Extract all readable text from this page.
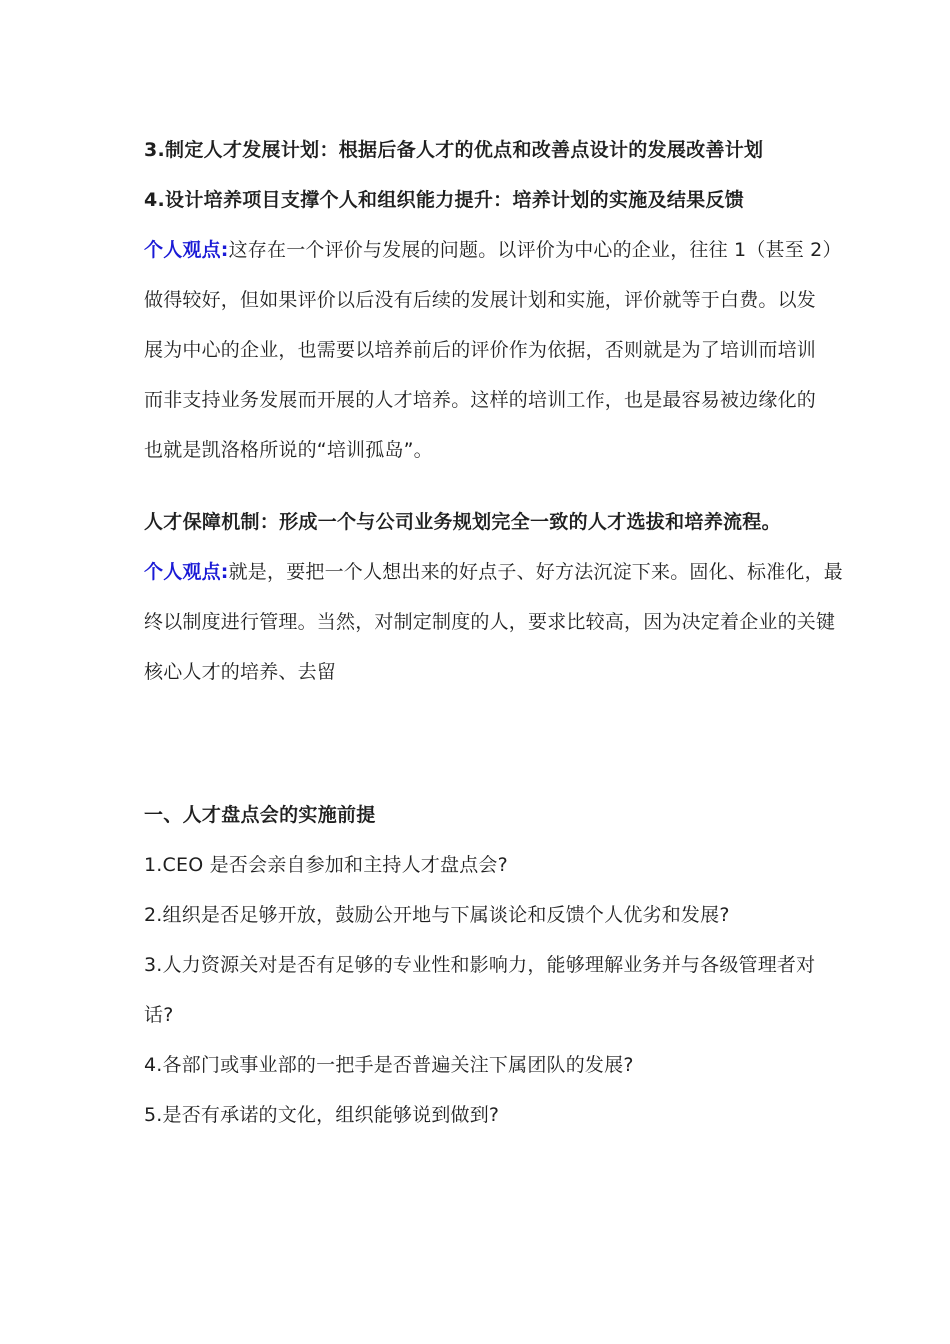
3.制定人才发展计划：根据后备人才的优点和改善点设计的发展改善计划
4.设计培养项目支撑个人和组织能力提升：培养计划的实施及结果反馈
个人观点:这存在一个评价与发展的问题。以评价为中心的企业，往往 1（甚至 2）
做得较好，但如果评价以后没有后续的发展计划和实施，评价就等于白费。以发
展为中心的企业，也需要以培养前后的评价作为依据，否则就是为了培训而培训
而非支持业务发展而开展的人才培养。这样的培训工作，也是最容易被边缘化的
也就是凯洛格所说的“培训孤岛”。
人才保障机制：形成一个与公司业务规划完全一致的人才选拔和培养流程。
个人观点:就是，要把一个人想出来的好点子、好方法沉淀下来。固化、标准化，最
终以制度进行管理。当然，对制定制度的人，要求比较高，因为决定着企业的关键
核心人才的培养、去留
一、人才盘点会的实施前提
1.CEO 是否会亲自参加和主持人才盘点会?
2.组织是否足够开放，鼓励公开地与下属谈论和反馈个人优劣和发展?
3.人力资源关对是否有足够的专业性和影响力，能够理解业务并与各级管理者对
话?
4.各部门或事业部的一把手是否普遍关注下属团队的发展?
5.是否有承诺的文化，组织能够说到做到?
